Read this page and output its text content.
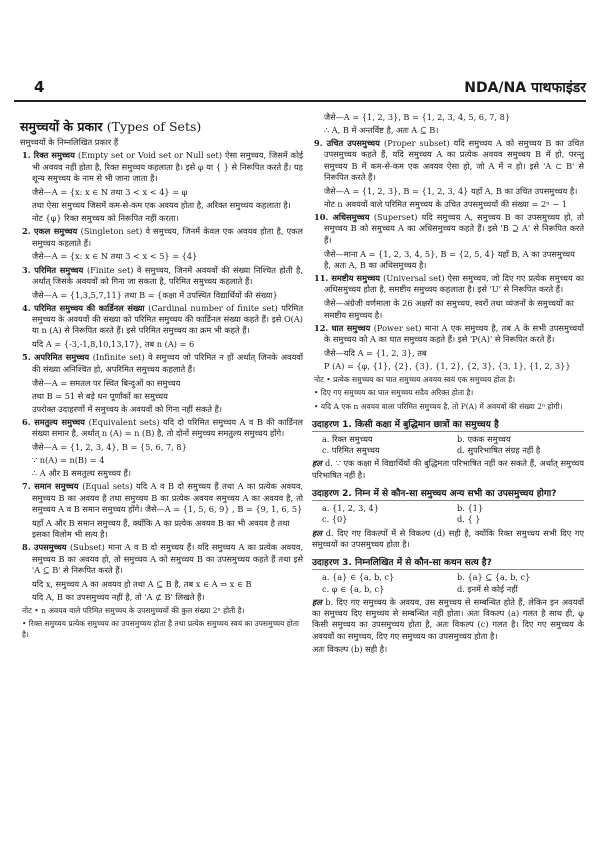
4	NDA/NA पाथफाइंडर
समुच्चयों के प्रकार (Types of Sets)

समुच्चयों के निम्नलिखित प्रकार हैं

1. रिक्त समुच्चय (Empty set or Void set or Null set) ऐसा समुच्चय, जिसमें कोई भी अवयव नहीं होता है, रिक्त समुच्चय कहलाता है। इसे φ या { } से निरूपित करते हैं। यह शून्य समुच्चय के नाम से भी जाना जाता है।
जैसे—A = {x: x ∈ N तथा 3 < x < 4} = φ
तथा ऐसा समुच्चय जिसमें कम-से-कम एक अवयव होता है, अरिक्त समुच्चय कहलाता है।
नोट {φ} रिक्त समुच्चय को निरूपित नहीं करता।
2. एकल समुच्चय (Singleton set) वे समुच्चय, जिनमें केवल एक अवयव होता है, एकल समुच्चय कहलाते हैं।
जैसे—A = {x: x ∈ N तथा 3 < x < 5} = {4}
3. परिमित समुच्चय (Finite set) वे समुच्चय, जिनमें अवयवों की संख्या निश्चित होती है, अर्थात् जिसके अवयवों को गिना जा सकता है, परिमित समुच्चय कहलाते हैं।
जैसे—A = {1,3,5,7,11} तथा B = {कक्षा में उपस्थित विद्यार्थियों की संख्या}
4. परिमित समुच्चय की कार्डिनल संख्या (Cardinal number of finite set) परिमित समुच्चय के अवयवों की संख्या को परिमित समुच्चय की कार्डिनल संख्या कहते हैं। इसे O(A) या n (A) से निरूपित करते हैं। इसे परिमित समुच्चय का क्रम भी कहते हैं।
यदि A = {-3,-1,8,10,13,17}, तब n (A) = 6
5. अपरिमित समुच्चय (Infinite set) वे समुच्चय जो परिमित न हों अर्थात् जिनके अवयवों की संख्या अनिश्चित हो, अपरिमित समुच्चय कहलाते हैं।
जैसे—A = समतल पर स्थित बिन्दुओं का समुच्चय
तथा B = 51 से बड़े धन पूर्णांकों का समुच्चय
उपरोक्त उदाहरणों में समुच्चय के अवयवों को गिना नहीं सकते हैं।
6. समतुल्य समुच्चय (Equivalent sets) यदि दो परिमित समुच्चय A व B की कार्डिनल संख्या समान है, अर्थात् n (A) = n (B) है, तो दोनों समुच्चय समतुल्य समुच्चय होंगे।
जैसे—A = {1, 2, 3, 4}, B = {5, 6, 7, 8}
∵ n(A) = n(B) = 4
∴ A और B समतुल्य समुच्चय हैं।
7. समान समुच्चय (Equal sets) यदि A व B दो समुच्चय हैं तथा A का प्रत्येक अवयव, समुच्चय B का अवयव है तथा समुच्चय B का प्रत्येक अवयव समुच्चय A का अवयव है, तो समुच्चय A व B समान समुच्चय होंगे। जैसे—A = {1, 5, 6, 9} , B = {9, 1, 6, 5}
यहाँ A और B समान समुच्चय हैं, क्योंकि A का प्रत्येक अवयव B का भी अवयव है तथा इसका विलोम भी सत्य है।
8. उपसमुच्चय (Subset) माना A व B दो समुच्चय हैं। यदि समुच्चय A का प्रत्येक अवयव, समुच्चय B का अवयव हो, तो समुच्चय A को समुच्चय B का उपसमुच्चय कहते हैं तथा इसे 'A ⊆ B' से निरूपित करते हैं।
यदि x, समुच्चय A का अवयव हो तथा A ⊆ B है, तब x ∈ A ⇒ x ∈ B
यदि A, B का उपसमुच्चय नहीं है, तो 'A ⊄ B' लिखते हैं।
नोट • n अवयव वाले परिमित समुच्चय के उपसमुच्चयों की कुल संख्या 2ⁿ होती है।
• रिक्त समुच्चय प्रत्येक समुच्चय का उपसमुच्चय होता है तथा प्रत्येक समुच्चय स्वयं का उपसमुच्चय होता है।
जैसे—A = {1, 2, 3}, B = {1, 2, 3, 4, 5, 6, 7, 8}
∴ A, B में अन्तर्विष्ट है, अतः A ⊆ B।
9. उचित उपसमुच्चय (Proper subset) यदि समुच्चय A को समुच्चय B का उचित उपसमुच्चय कहते हैं, यदि समुच्चय A का प्रत्येक अवयव समुच्चय B में हो, परन्तु समुच्चय B में कम-से-कम एक अवयव ऐसा हो, जो A में न हो। इसे 'A ⊂ B' से निरूपित करते हैं।
जैसे—A = {1, 2, 3}, B = {1, 2, 3, 4} यहाँ A, B का उचित उपसमुच्चय है।
नोट n अवयवों वाले परिमित समुच्चय के उचित उपसमुच्चयों की संख्या = 2ⁿ − 1
10. अधिसमुच्चय (Superset) यदि समुच्चय A, समुच्चय B का उपसमुच्चय हो, तो समुच्चय B को समुच्चय A का अधिसमुच्चय कहते हैं। इसे 'B ⊇ A' से निरूपित करते हैं।
जैसे—माना A = {1, 2, 3, 4, 5}, B = {2, 5, 4} यहाँ B, A का उपसमुच्चय है, अतः A, B का अधिसमुच्चय है।
11. समष्टीय समुच्चय (Universal set) ऐसा समुच्चय, जो दिए गए प्रत्येक समुच्चय का अधिसमुच्चय होता है, समष्टीय समुच्चय कहलाता है। इसे 'U' से निरूपित करते हैं।
जैसे—अंग्रेजी वर्णमाला के 26 अक्षरों का समुच्चय, स्वरों तथा व्यंजनों के समुच्चयों का समष्टीय समुच्चय है।
12. घात समुच्चय (Power set) माना A एक समुच्चय है, तब A के सभी उपसमुच्चयों के समुच्चय को A का घात समुच्चय कहते हैं। इसे 'P(A)' से निरूपित करते हैं।
जैसे—यदि A = {1, 2, 3}, तब
P (A) = {φ, {1}, {2}, {3}, {1, 2}, {2, 3}, {3, 1}, {1, 2, 3}}
नोट • प्रत्येक समुच्चय का घात समुच्चय अवयव स्वयं एक समुच्चय होता है।
• दिए गए समुच्चय का घात समुच्चय सदैव अरिक्त होता है।
• यदि A एक n अवयव वाला परिमित समुच्चय है, तो P(A) में अवयवों की संख्या 2ⁿ होगी।
उदाहरण 1. किसी कक्षा में बुद्धिमान छात्रों का समुच्चय है
a. रिक्त समुच्चय	b. एकक समुच्चय
c. परिमित समुच्चय	d. सुपरिभाषित संग्रह नहीं है
हल d. ∵ एक कक्षा में विद्यार्थियों की बुद्धिमता परिभाषित नहीं कर सकते हैं, अर्थात् समुच्चय परिभाषित नहीं है।
उदाहरण 2. निम्न में से कौन-सा समुच्चय अन्य सभी का उपसमुच्चय होगा?
a. {1, 2, 3, 4}	b. {1}
c. {0}	d. { }
हल d. दिए गए विकल्पों में से विकल्प (d) सही है, क्योंकि रिक्त समुच्चय सभी दिए गए समुच्चयों का उपसमुच्चय होता है।
उदाहरण 3. निम्नलिखित में से कौन-सा कथन सत्य है?
a. {a} ∈ {a, b, c}	b. {a} ⊆ {a, b, c}
c. φ ∈ {a, b, c}	d. इनमें से कोई नहीं
हल b. दिए गए समुच्चय के अवयव, उस समुच्चय से सम्बन्धित होते हैं, लेकिन इन अवयवों का समुच्चय दिए समुच्चय से सम्बन्धित नहीं होता। अतः विकल्प (a) गलत है साथ ही, φ किसी समुच्चय का उपसमुच्चय होता है, अतः विकल्प (c) गलत है। दिए गए समुच्चय के अवयवों का समुच्चय, दिए गए समुच्चय का उपसमुच्चय होता है।
अतः विकल्प (b) सही है।
